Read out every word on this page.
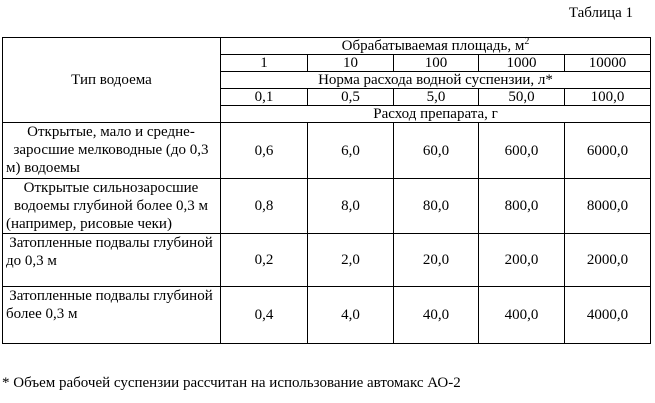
Таблица 1
Тип водоема	Обрабатываемая площадь, $м^2$
	1	10	100	1000	10000
	Норма расхода водной суспензии, л*				
	0,1	0,5	5,0	50,0	100,0
	Расход препарата, г				
Открытые, мало и средне-заросшие мелководные (до 0,3 м) водоемы	0,6	6,0	60,0	600,0	6000,0
Открытые сильнозаросшие водоемы глубиной более 0,3 м (например, рисовые чеки)	0,8	8,0	80,0	800,0	8000,0
Затопленные подвалы глубиной до 0,3 м	0,2	2,0	20,0	200,0	2000,0
Затопленные подвалы глубиной более 0,3 м	0,4	4,0	40,0	400,0	4000,0
* Объем рабочей суспензии рассчитан на использование автомакс АО-2
